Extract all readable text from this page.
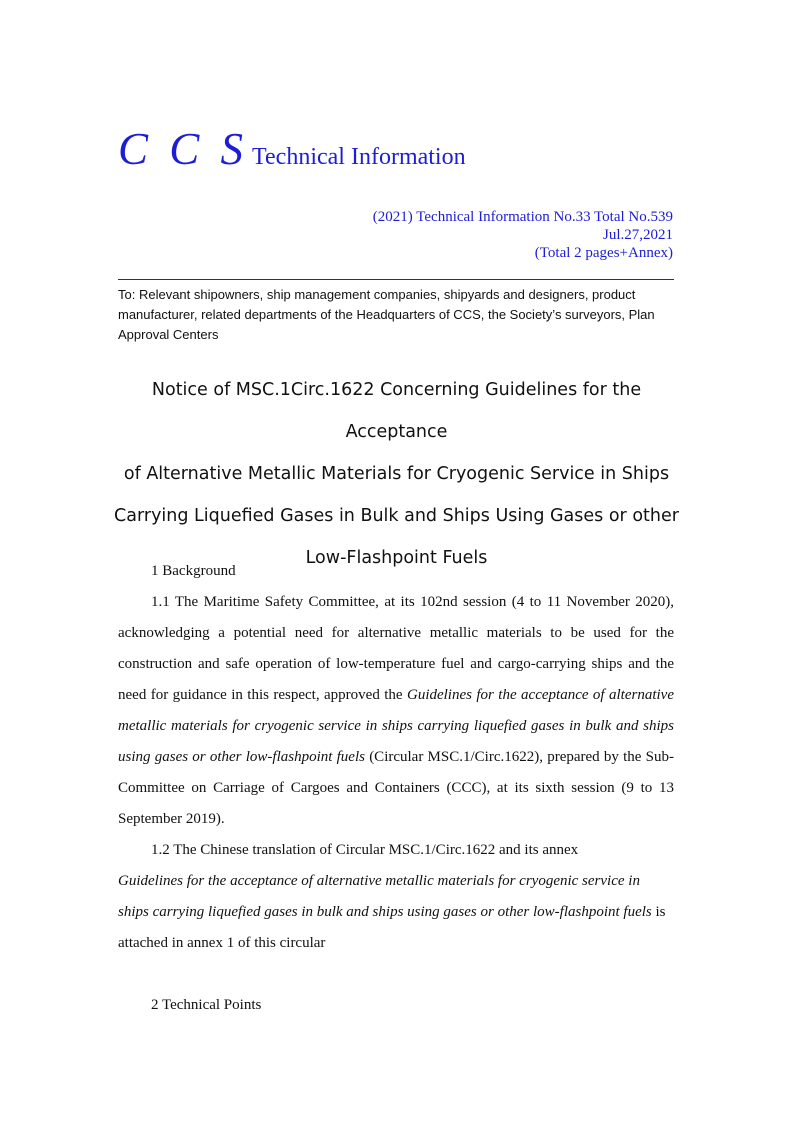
C C S Technical Information
(2021) Technical Information No.33 Total No.539
Jul.27,2021
(Total 2 pages+Annex)
To: Relevant shipowners, ship management companies, shipyards and designers, product manufacturer, related departments of the Headquarters of CCS, the Society’s surveyors, Plan Approval Centers
Notice of MSC.1Circ.1622 Concerning Guidelines for the Acceptance
of Alternative Metallic Materials for Cryogenic Service in Ships
Carrying Liquefied Gases in Bulk and Ships Using Gases or other
Low-Flashpoint Fuels
1 Background
1.1 The Maritime Safety Committee, at its 102nd session (4 to 11 November 2020), acknowledging a potential need for alternative metallic materials to be used for the construction and safe operation of low-temperature fuel and cargo-carrying ships and the need for guidance in this respect, approved the Guidelines for the acceptance of alternative metallic materials for cryogenic service in ships carrying liquefied gases in bulk and ships using gases or other low-flashpoint fuels (Circular MSC.1/Circ.1622), prepared by the Sub-Committee on Carriage of Cargoes and Containers (CCC), at its sixth session (9 to 13 September 2019).
1.2 The Chinese translation of Circular MSC.1/Circ.1622 and its annex
Guidelines for the acceptance of alternative metallic materials for cryogenic service in ships carrying liquefied gases in bulk and ships using gases or other low-flashpoint fuels is attached in annex 1 of this circular
2 Technical Points
